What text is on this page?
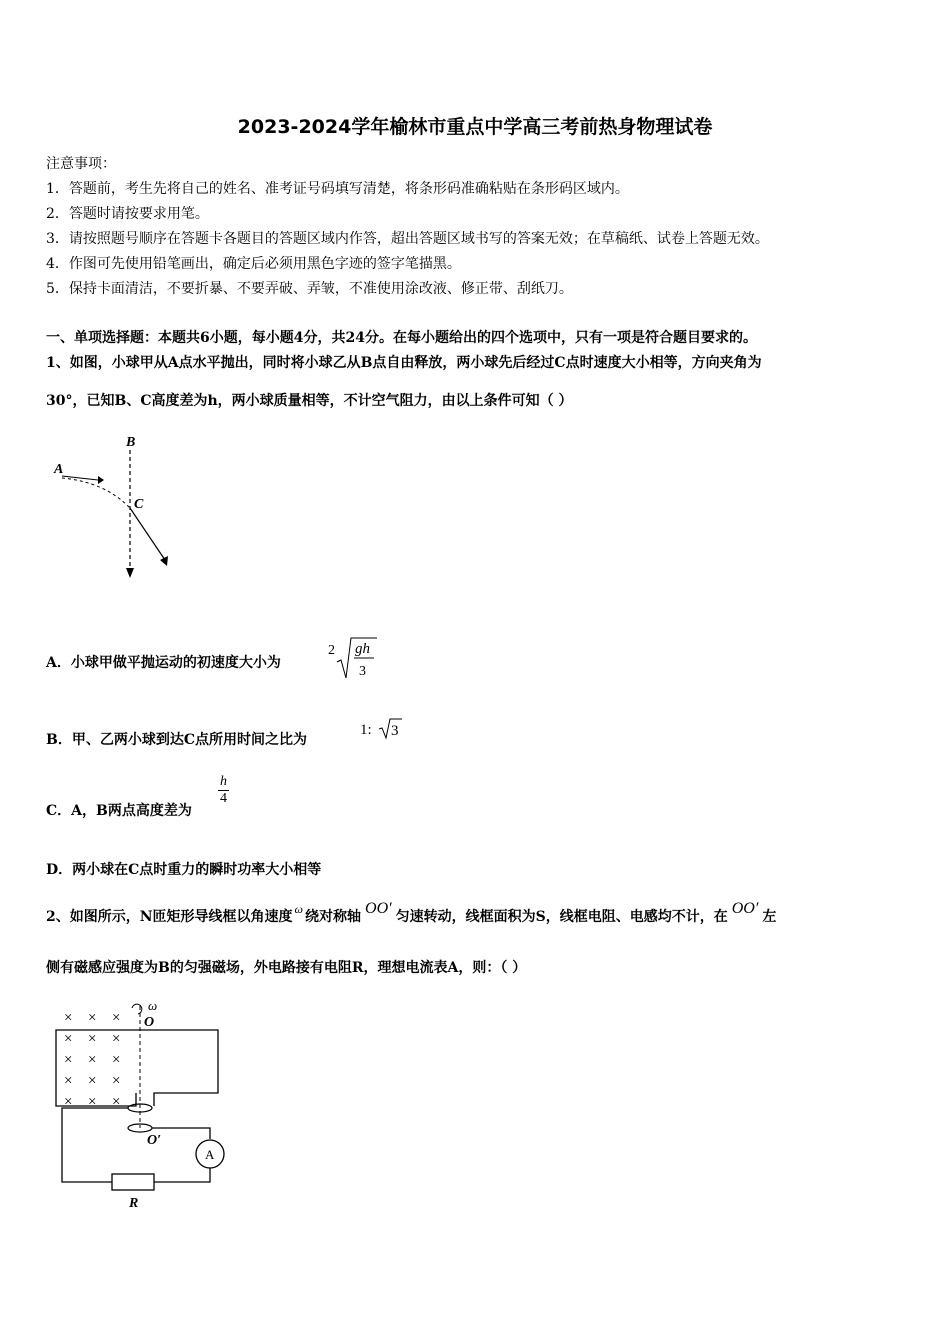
2023-2024学年榆林市重点中学高三考前热身物理试卷
注意事项：
1．答题前，考生先将自己的姓名、准考证号码填写清楚，将条形码准确粘贴在条形码区域内。
2．答题时请按要求用笔。
3．请按照题号顺序在答题卡各题目的答题区域内作答，超出答题区域书写的答案无效；在草稿纸、试卷上答题无效。
4．作图可先使用铅笔画出，确定后必须用黑色字迹的签字笔描黑。
5．保持卡面清洁，不要折暴、不要弄破、弄皱，不准使用涂改液、修正带、刮纸刀。
一、单项选择题：本题共6小题，每小题4分，共24分。在每小题给出的四个选项中，只有一项是符合题目要求的。
1、如图，小球甲从A点水平抛出，同时将小球乙从B点自由释放，两小球先后经过C点时速度大小相等，方向夹角为
30°，已知B、C高度差为h，两小球质量相等，不计空气阻力，由以上条件可知（ ）
B
A
C
A．小球甲做平抛运动的初速度大小为
2 gh
3
B．甲、乙两小球到达C点所用时间之比为
1: 3
C．A，B两点高度差为
$\frac{h}{4}$
D．两小球在C点时重力的瞬时功率大小相等
2、如图所示，N匝矩形导线框以角速度 ω 绕对称轴 OO′ 匀速转动，线框面积为S，线框电阻、电感均不计，在 OO′ 左
侧有磁感应强度为B的匀强磁场，外电路接有电阻R，理想电流表A，则：（ ）
× × ×
× × ×
× × ×
× × ×
× × ×
ω
O
A
O′
R
